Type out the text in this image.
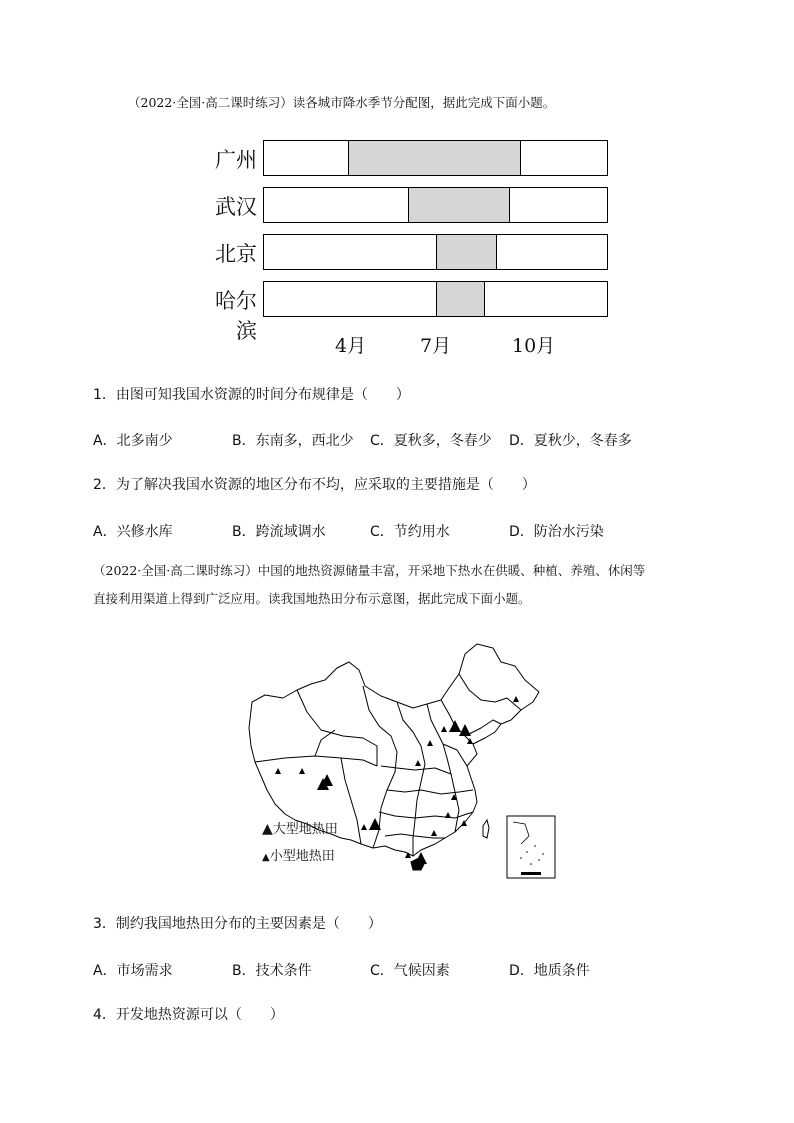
（2022·全国·高二课时练习）读各城市降水季节分配图，据此完成下面小题。
广州
武汉
北京
哈尔滨
4月	7月	10月
1．由图可知我国水资源的时间分布规律是（　　）
A．北多南少	B．东南多，西北少 C．夏秋多，冬春少 D．夏秋少，冬春多
2．为了解决我国水资源的地区分布不均，应采取的主要措施是（　　）
A．兴修水库	B．跨流域调水	C．节约用水	D．防治水污染
（2022·全国·高二课时练习）中国的地热资源储量丰富，开采地下热水在供暖、种植、养殖、休闲等
直接利用渠道上得到广泛应用。读我国地热田分布示意图，据此完成下面小题。
▲大型地热田
▲小型地热田
3．制约我国地热田分布的主要因素是（　　）
A．市场需求	B．技术条件	C．气候因素	D．地质条件
4．开发地热资源可以（　　）
